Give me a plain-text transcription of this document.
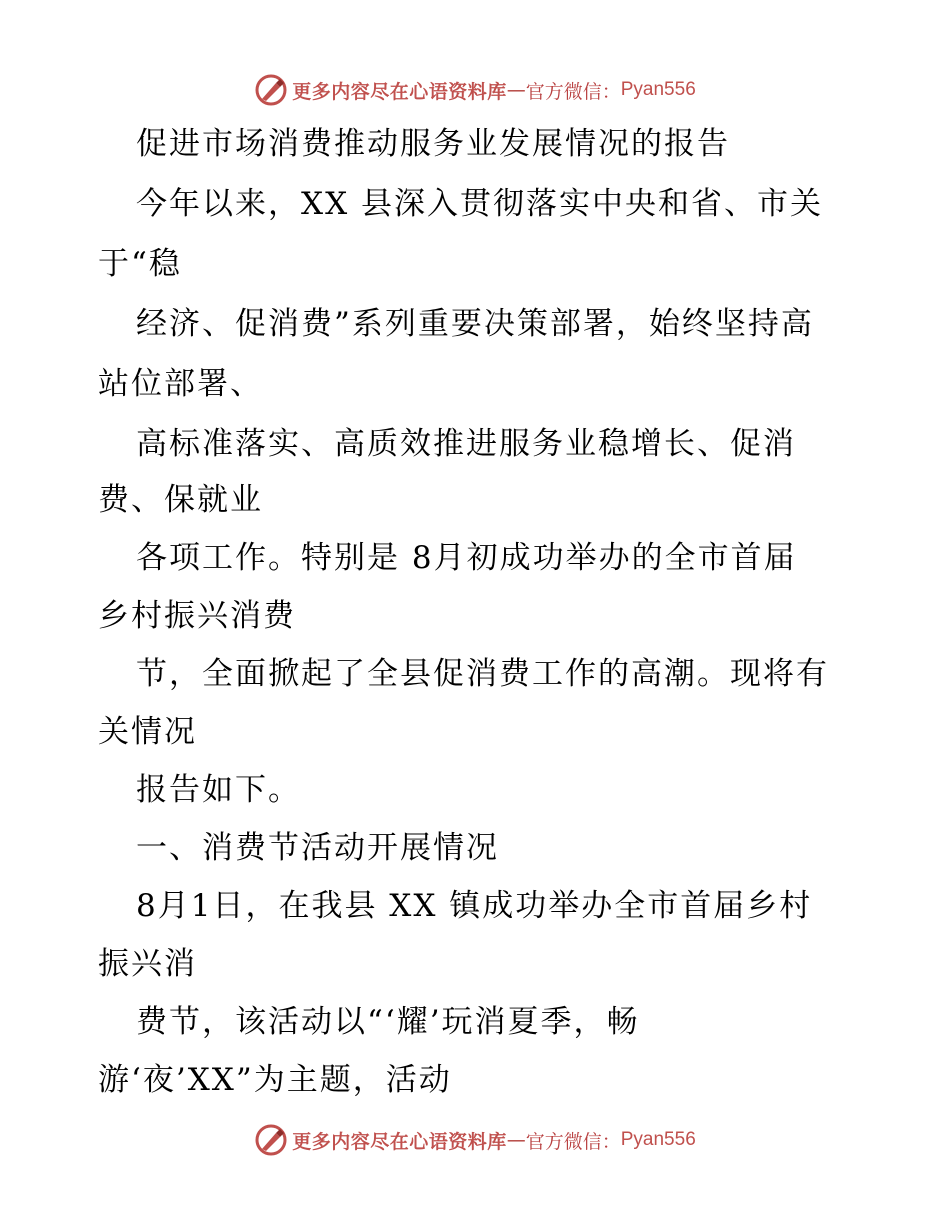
更多内容尽在心语资料库 — 官方微信： Pyan556
促进市场消费推动服务业发展情况的报告
今年以来，XX 县深入贯彻落实中央和省、市关
于“稳
经济、促消费”系列重要决策部署，始终坚持高
站位部署、
高标准落实、高质效推进服务业稳增长、促消
费、保就业
各项工作。特别是 8月初成功举办的全市首届
乡村振兴消费
节，全面掀起了全县促消费工作的高潮。现将有
关情况
报告如下。
一、消费节活动开展情况
8月1日，在我县 XX 镇成功举办全市首届乡村
振兴消
费节，该活动以“‘耀’玩消夏季，畅
游‘夜’XX”为主题，活动
更多内容尽在心语资料库 — 官方微信： Pyan556
